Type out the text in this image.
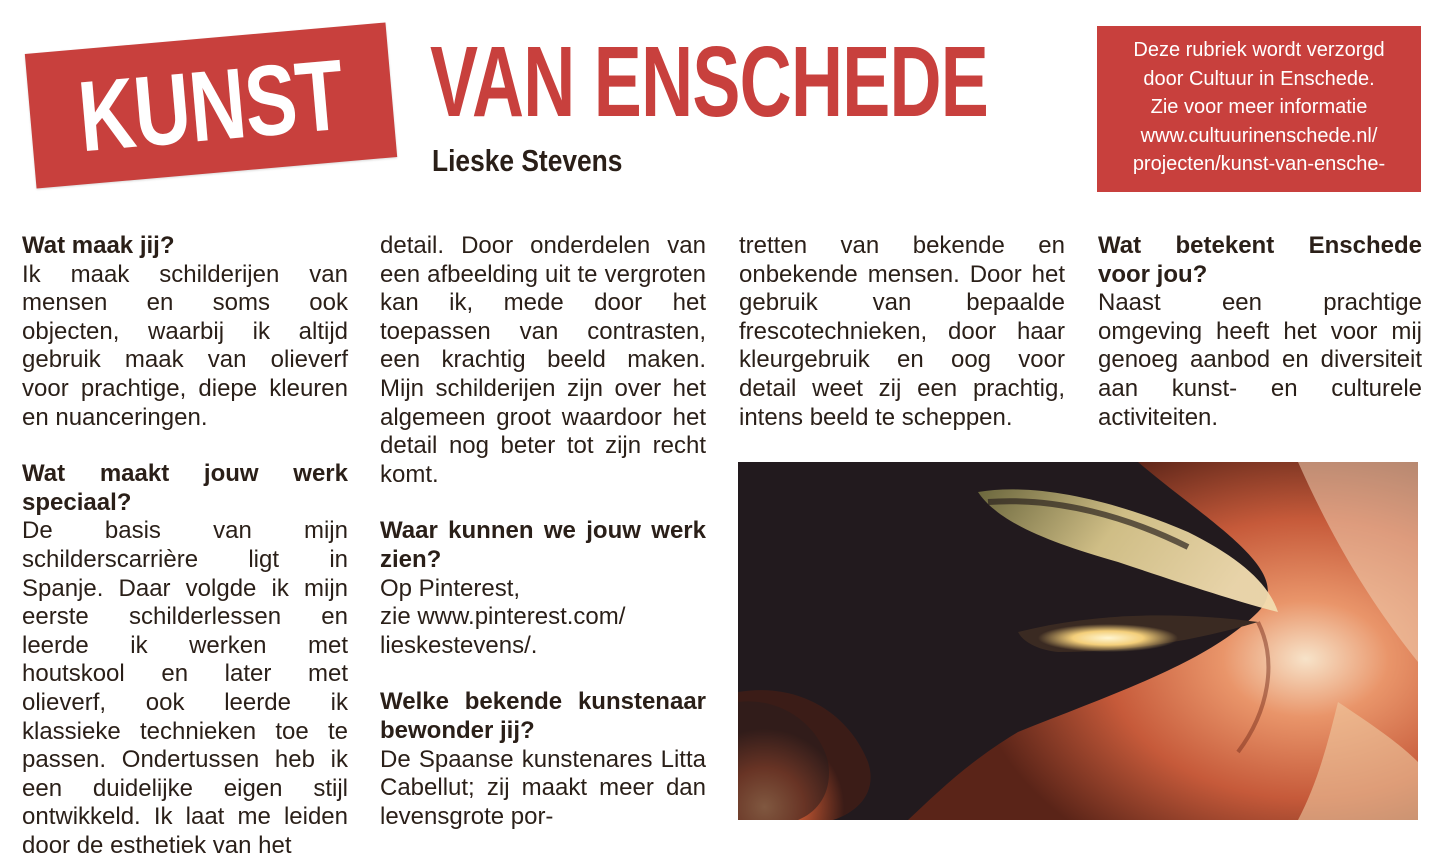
KUNST VAN ENSCHEDE
Lieske Stevens
Deze rubriek wordt verzorgd
door Cultuur in Enschede.
Zie voor meer informatie
www.cultuurinenschede.nl/
projecten/kunst-van-ensche-

Wat maak jij?

Ik maak schilderijen van mensen en soms ook objecten, waarbij ik altijd gebruik maak van olieverf voor prachtige, diepe kleuren en nuanceringen.

Wat maakt jouw werk speciaal?

De basis van mijn schilderscarrière ligt in Spanje. Daar volgde ik mijn eerste schilderlessen en leerde ik werken met houtskool en later met olieverf, ook leerde ik klassieke technieken toe te passen. Ondertussen heb ik een duidelijke eigen stijl ontwikkeld. Ik laat me leiden door de esthetiek van het

detail. Door onderdelen van een afbeelding uit te vergroten kan ik, mede door het toepassen van contrasten, een krachtig beeld maken. Mijn schilderijen zijn over het algemeen groot waardoor het detail nog beter tot zijn recht komt.

Waar kunnen we jouw werk zien?

Op Pinterest,

zie www.pinterest.com/

lieskestevens/.

Welke bekende kunstenaar bewonder jij?

De Spaanse kunstenares Litta Cabellut; zij maakt meer dan levensgrote por-

tretten van bekende en onbekende mensen. Door het gebruik van bepaalde frescotechnieken, door haar kleurgebruik en oog voor detail weet zij een prachtig, intens beeld te scheppen.

Wat betekent Enschede voor jou?

Naast een prachtige omgeving heeft het voor mij genoeg aanbod en diversiteit aan kunst- en culturele activiteiten.
